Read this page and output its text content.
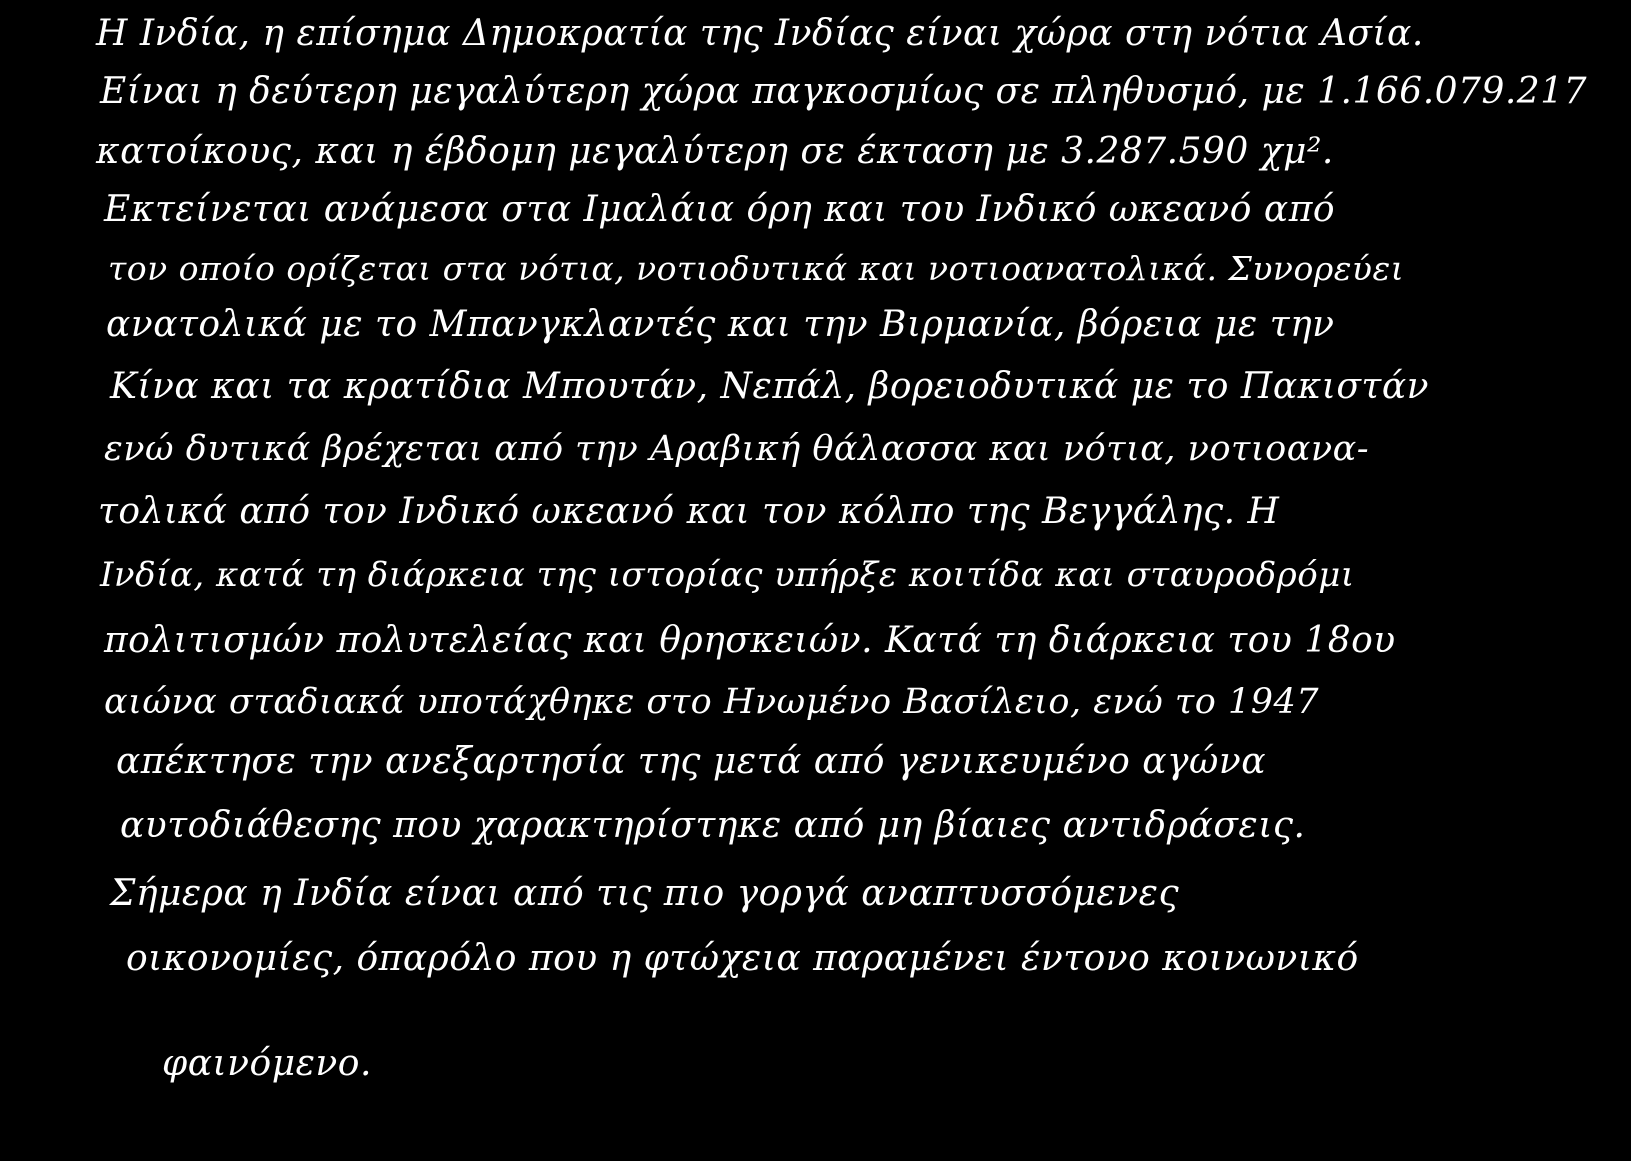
Η Ινδία, η επίσημα Δημοκρατία της Ινδίας είναι χώρα στη νότια Ασία.
Είναι η δεύτερη μεγαλύτερη χώρα παγκοσμίως σε πληθυσμό, με 1.166.079.217
κατοίκους, και η έβδομη μεγαλύτερη σε έκταση με 3.287.590 χμ².
Εκτείνεται ανάμεσα στα Ιμαλάια όρη και του Ινδικό ωκεανό από
τον οποίο ορίζεται στα νότια, νοτιοδυτικά και νοτιοανατολικά. Συνορεύει
ανατολικά με το Μπανγκλαντές και την Βιρμανία, βόρεια με την
Κίνα και τα κρατίδια Μπουτάν, Νεπάλ, βορειοδυτικά με το Πακιστάν
ενώ δυτικά βρέχεται από την Αραβική θάλασσα και νότια, νοτιοανα-
τολικά από τον Ινδικό ωκεανό και τον κόλπο της Βεγγάλης. Η
Ινδία, κατά τη διάρκεια της ιστορίας υπήρξε κοιτίδα και σταυροδρόμι
πολιτισμών πολυτελείας και θρησκειών. Κατά τη διάρκεια του 18ου
αιώνα σταδιακά υποτάχθηκε στο Ηνωμένο Βασίλειο, ενώ το 1947
απέκτησε την ανεξαρτησία της μετά από γενικευμένο αγώνα
αυτοδιάθεσης που χαρακτηρίστηκε από μη βίαιες αντιδράσεις.
Σήμερα η Ινδία είναι από τις πιο γοργά αναπτυσσόμενες
οικονομίες, όπαρόλο που η φτώχεια παραμένει έντονο κοινωνικό
φαινόμενο.
